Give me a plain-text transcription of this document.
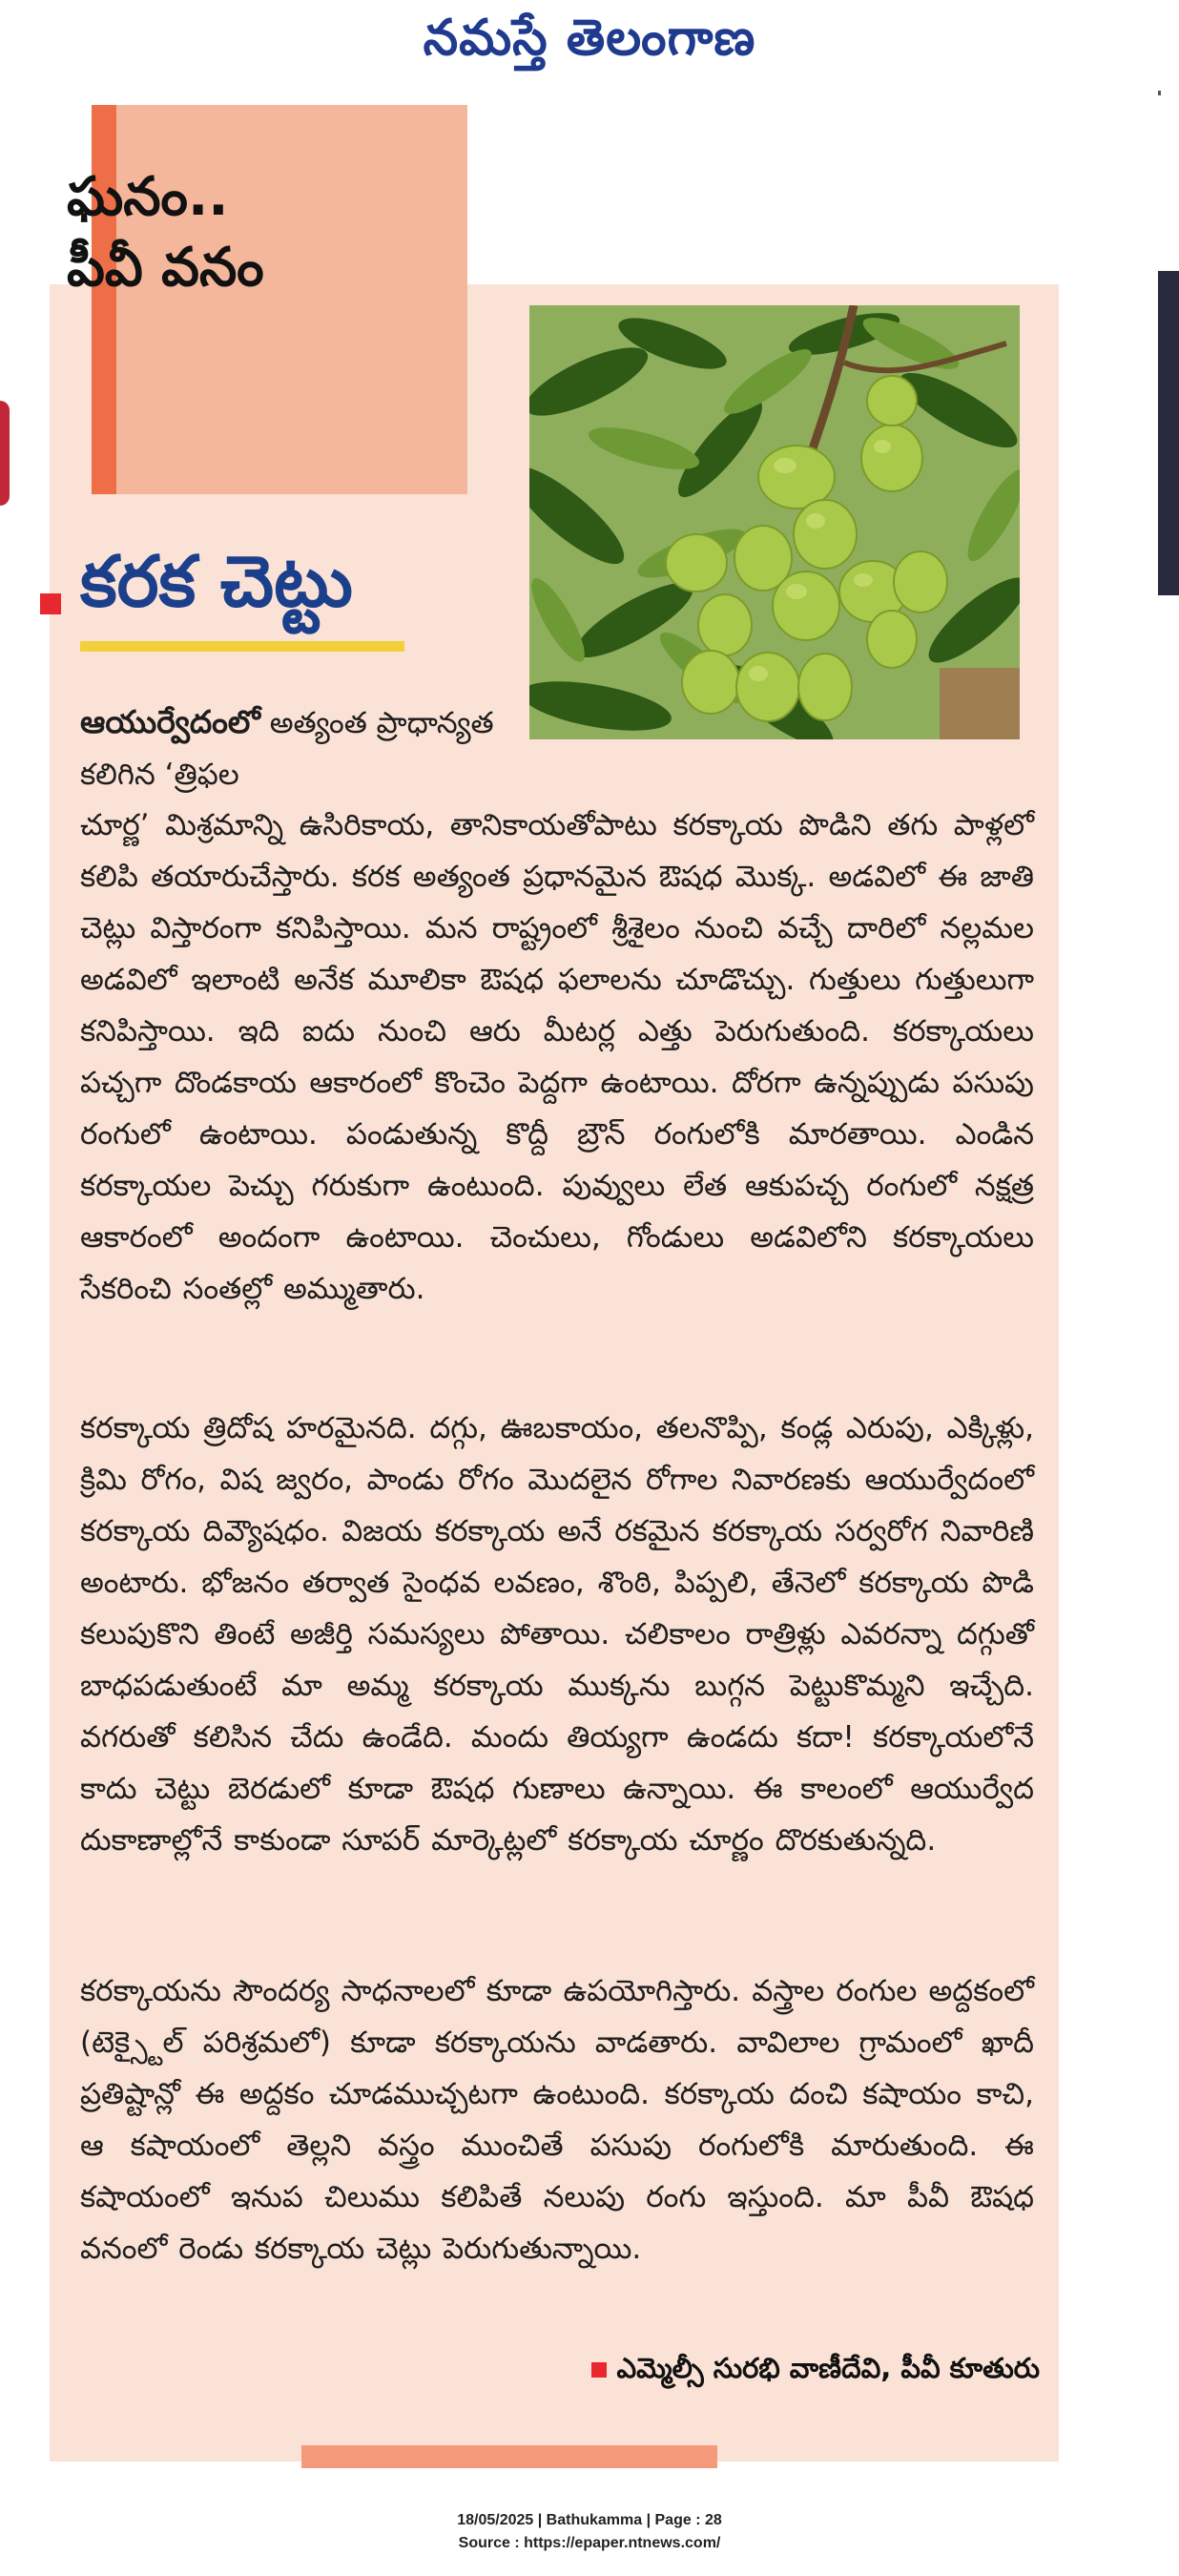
నమస్తే తెలంగాణ
ఘనం..
పీవీ వనం
కరక చెట్టు
ఆయుర్వేదంలో అత్యంత ప్రాధాన్యత కలిగిన ‘త్రిఫల
చూర్ణ’ మిశ్రమాన్ని ఉసిరికాయ, తానికాయతోపాటు కరక్కాయ పొడిని తగు పాళ్లలో కలిపి తయారుచేస్తారు. కరక అత్యంత ప్రధానమైన ఔషధ మొక్క. అడవిలో ఈ జాతి చెట్లు విస్తారంగా కనిపిస్తాయి. మన రాష్ట్రంలో శ్రీశైలం నుంచి వచ్చే దారిలో నల్లమల అడవిలో ఇలాంటి అనేక మూలికా ఔషధ ఫలాలను చూడొచ్చు. గుత్తులు గుత్తులుగా కనిపిస్తాయి. ఇది ఐదు నుంచి ఆరు మీటర్ల ఎత్తు పెరుగుతుంది. కరక్కాయలు పచ్చగా దొండకాయ ఆకారంలో కొంచెం పెద్దగా ఉంటాయి. దోరగా ఉన్నప్పుడు పసుపు రంగులో ఉంటాయి. పండుతున్న కొద్దీ బ్రౌన్ రంగులోకి మారతాయి. ఎండిన కరక్కాయల పెచ్చు గరుకుగా ఉంటుంది. పువ్వులు లేత ఆకుపచ్చ రంగులో నక్షత్ర ఆకారంలో అందంగా ఉంటాయి. చెంచులు, గోండులు అడవిలోని కరక్కాయలు సేకరించి సంతల్లో అమ్ముతారు.
కరక్కాయ త్రిదోష హరమైనది. దగ్గు, ఊబకాయం, తలనొప్పి, కండ్ల ఎరుపు, ఎక్కిళ్లు, క్రిమి రోగం, విష జ్వరం, పాండు రోగం మొదలైన రోగాల నివారణకు ఆయుర్వేదంలో కరక్కాయ దివ్యౌషధం. విజయ కరక్కాయ అనే రకమైన కరక్కాయ సర్వరోగ నివారిణి అంటారు. భోజనం తర్వాత సైంధవ లవణం, శొంఠి, పిప్పలి, తేనెలో కరక్కాయ పొడి కలుపుకొని తింటే అజీర్తి సమస్యలు పోతాయి. చలికాలం రాత్రిళ్లు ఎవరన్నా దగ్గుతో బాధపడుతుంటే మా అమ్మ కరక్కాయ ముక్కను బుగ్గన పెట్టుకొమ్మని ఇచ్చేది. వగరుతో కలిసిన చేదు ఉండేది. మందు తియ్యగా ఉండదు కదా! కరక్కాయలోనే కాదు చెట్టు బెరడులో కూడా ఔషధ గుణాలు ఉన్నాయి. ఈ కాలంలో ఆయుర్వేద దుకాణాల్లోనే కాకుండా సూపర్ మార్కెట్లలో కరక్కాయ చూర్ణం దొరకుతున్నది.
కరక్కాయను సౌందర్య సాధనాలలో కూడా ఉపయోగిస్తారు. వస్త్రాల రంగుల అద్దకంలో (టెక్స్టైల్ పరిశ్రమలో) కూడా కరక్కాయను వాడతారు. వావిలాల గ్రామంలో ఖాదీ ప్రతిష్టాన్లో ఈ అద్దకం చూడముచ్చటగా ఉంటుంది. కరక్కాయ దంచి కషాయం కాచి, ఆ కషాయంలో తెల్లని వస్త్రం ముంచితే పసుపు రంగులోకి మారుతుంది. ఈ కషాయంలో ఇనుప చిలుము కలిపితే నలుపు రంగు ఇస్తుంది. మా పీవీ ఔషధ వనంలో రెండు కరక్కాయ చెట్లు పెరుగుతున్నాయి.
ఎమ్మెల్సీ సురభి వాణీదేవి, పీవీ కూతురు
18/05/2025 | Bathukamma | Page : 28
Source : https://epaper.ntnews.com/
